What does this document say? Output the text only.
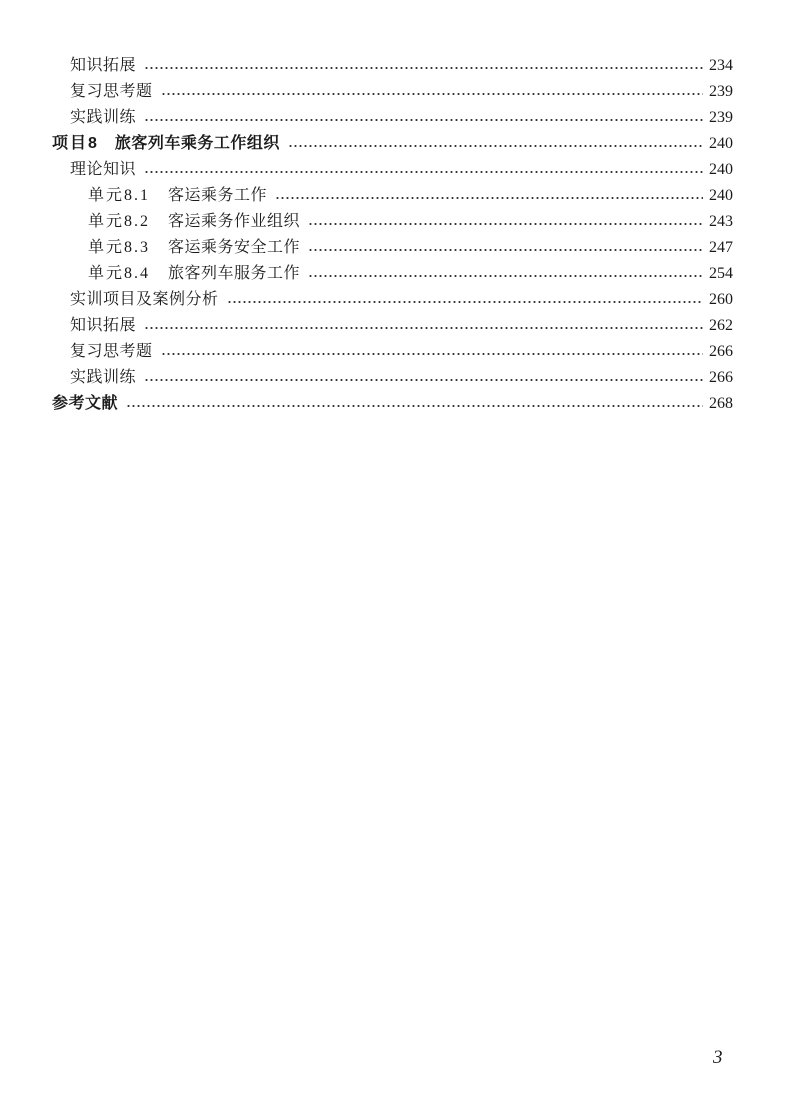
知识拓展	234
复习思考题	239
实践训练	239
项目8 旅客列车乘务工作组织	240
理论知识	240
单元8.1 客运乘务工作	240
单元8.2 客运乘务作业组织	243
单元8.3 客运乘务安全工作	247
单元8.4 旅客列车服务工作	254
实训项目及案例分析	260
知识拓展	262
复习思考题	266
实践训练	266
参考文献	268
3
